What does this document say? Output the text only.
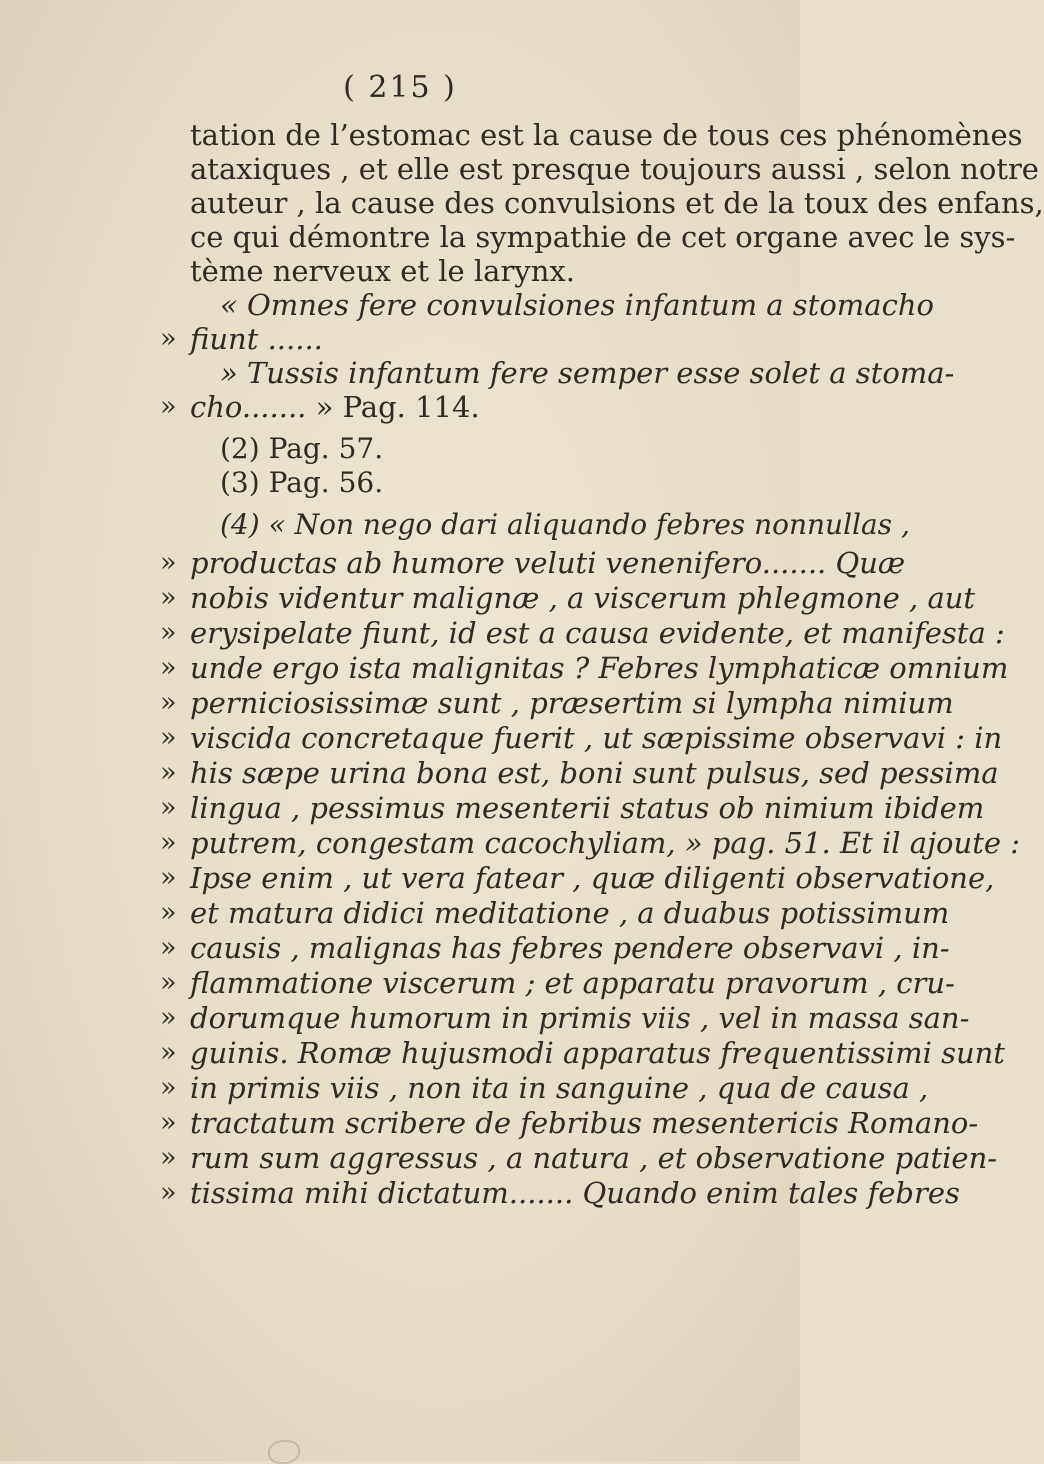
( 215 )
tation de l’estomac est la cause de tous ces phénomènes
ataxiques , et elle est presque toujours aussi , selon notre
auteur , la cause des convulsions et de la toux des enfans,
ce qui démontre la sympathie de cet organe avec le sys-
tème nerveux et le larynx.
« Omnes fere convulsiones infantum a stomacho
» fiunt ......
» Tussis infantum fere semper esse solet a stoma-
» cho....... » Pag. 114.
(2) Pag. 57.
(3) Pag. 56.
(4) « Non nego dari aliquando febres nonnullas ,
» productas ab humore veluti venenifero....... Quæ
» nobis videntur malignæ , a viscerum phlegmone , aut
» erysipelate fiunt, id est a causa evidente, et manifesta :
» unde ergo ista malignitas ? Febres lymphaticæ omnium
» perniciosissimæ sunt , præsertim si lympha nimium
» viscida concretaque fuerit , ut sæpissime observavi : in
» his sæpe urina bona est, boni sunt pulsus, sed pessima
» lingua , pessimus mesenterii status ob nimium ibidem
» putrem, congestam cacochyliam, » pag. 51. Et il ajoute :
» Ipse enim , ut vera fatear , quæ diligenti observatione,
» et matura didici meditatione , a duabus potissimum
» causis , malignas has febres pendere observavi , in-
» flammatione viscerum ; et apparatu pravorum , cru-
» dorumque humorum in primis viis , vel in massa san-
» guinis. Romæ hujusmodi apparatus frequentissimi sunt
» in primis viis , non ita in sanguine , qua de causa ,
» tractatum scribere de febribus mesentericis Romano-
» rum sum aggressus , a natura , et observatione patien-
» tissima mihi dictatum....... Quando enim tales febres
